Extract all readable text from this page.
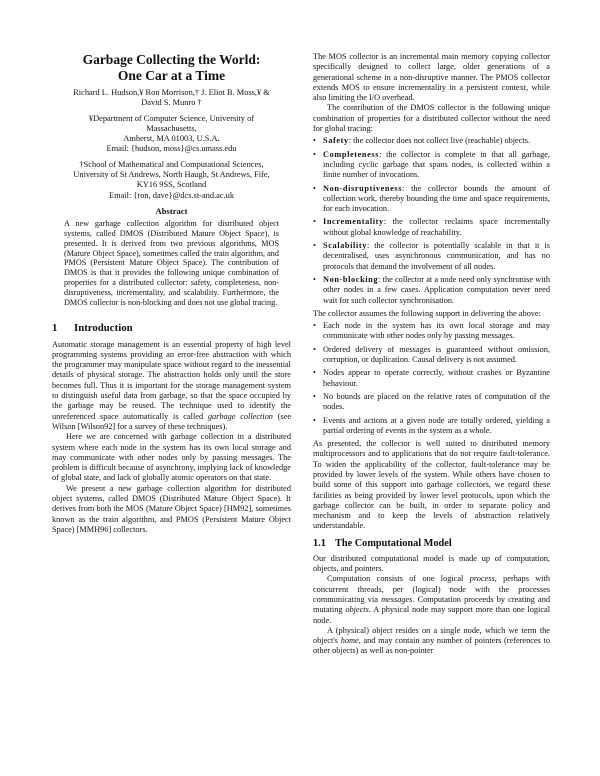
Garbage Collecting the World:
One Car at a Time
Richard L. Hudson,¥ Ron Morrison,† J. Eliot B. Moss,¥ &
David S. Munro †
¥Department of Computer Science, University of
Massachusetts,
Amherst, MA 01003, U.S.A.
Email: {hudson, moss}@cs.umass.edu
†School of Mathematical and Computational Sciences,
University of St Andrews, North Haugh, St Andrews, Fife,
KY16 9SS, Scotland
Email: {ron, dave}@dcs.st-and.ac.uk
Abstract

A new garbage collection algorithm for distributed object systems, called DMOS (Distributed Mature Object Space), is presented. It is derived from two previous algorithms, MOS (Mature Object Space), sometimes called the train algorithm, and PMOS (Persistent Mature Object Space). The contribution of DMOS is that it provides the following unique combination of properties for a distributed collector: safety, completeness, non-disruptiveness, incrementality, and scalability. Furthermore, the DMOS collector is non-blocking and does not use global tracing.

1	Introduction

Automatic storage management is an essential property of high level programming systems providing an error-free abstraction with which the programmer may manipulate space without regard to the inessential details of physical storage. The abstraction holds only until the store becomes full. Thus it is important for the storage management system to distinguish useful data from garbage, so that the space occupied by the garbage may be reused. The technique used to identify the unreferenced space automatically is called garbage collection (see Wilson [Wilson92] for a survey of these techniques).

Here we are concerned with garbage collection in a distributed system where each node in the system has its own local storage and may communicate with other nodes only by passing messages. The problem is difficult because of asynchrony, implying lack of knowledge of global state, and lack of globally atomic operators on that state.

We present a new garbage collection algorithm for distributed object systems, called DMOS (Distributed Mature Object Space). It derives from both the MOS (Mature Object Space) [HM92], sometimes known as the train algorithm, and PMOS (Persistent Mature Object Space) [MMH96] collectors.

The MOS collector is an incremental main memory copying collector specifically designed to collect large, older generations of a generational scheme in a non-disruptive manner. The PMOS collector extends MOS to ensure incrementality in a persistent context, while also limiting the I/O overhead.

The contribution of the DMOS collector is the following unique combination of properties for a distributed collector without the need for global tracing:

• Safety: the collector does not collect live (reachable) objects.
• Completeness: the collector is complete in that all garbage, including cyclic garbage that spans nodes, is collected within a finite number of invocations.
• Non-disruptiveness: the collector bounds the amount of collection work, thereby bounding the time and space requirements, for each invocation.
• Incrementality: the collector reclaims space incrementally without global knowledge of reachability.
• Scalability: the collector is potentially scalable in that it is decentralised, uses asynchronous communication, and has no protocols that demand the involvement of all nodes.
• Non-blocking: the collector at a node need only synchronise with other nodes in a few cases. Application computation never need wait for such collector synchronisation.

The collector assumes the following support in delivering the above:

• Each node in the system has its own local storage and may communicate with other nodes only by passing messages.
• Ordered delivery of messages is guaranteed without omission, corruption, or duplication. Causal delivery is not assumed.
• Nodes appear to operate correctly, without crashes or Byzantine behaviour.
• No bounds are placed on the relative rates of computation of the nodes.
• Events and actions at a given node are totally ordered, yielding a partial ordering of events in the system as a whole.

As presented, the collector is well suited to distributed memory multiprocessors and to applications that do not require fault-tolerance. To widen the applicability of the collector, fault-tolerance may be provided by lower levels of the system. While others have chosen to build some of this support into garbage collectors, we regard these facilities as being provided by lower level protocols, upon which the garbage collector can be built, in order to separate policy and mechanism and to keep the levels of abstraction relatively understandable.

1.1 The Computational Model

Our distributed computational model is made up of computation, objects, and pointers.

Computation consists of one logical process, perhaps with concurrent threads, per (logical) node with the processes communicating via messages. Computation proceeds by creating and mutating objects. A physical node may support more than one logical node.

A (physical) object resides on a single node, which we term the object's home, and may contain any number of pointers (references to other objects) as well as non-pointer
